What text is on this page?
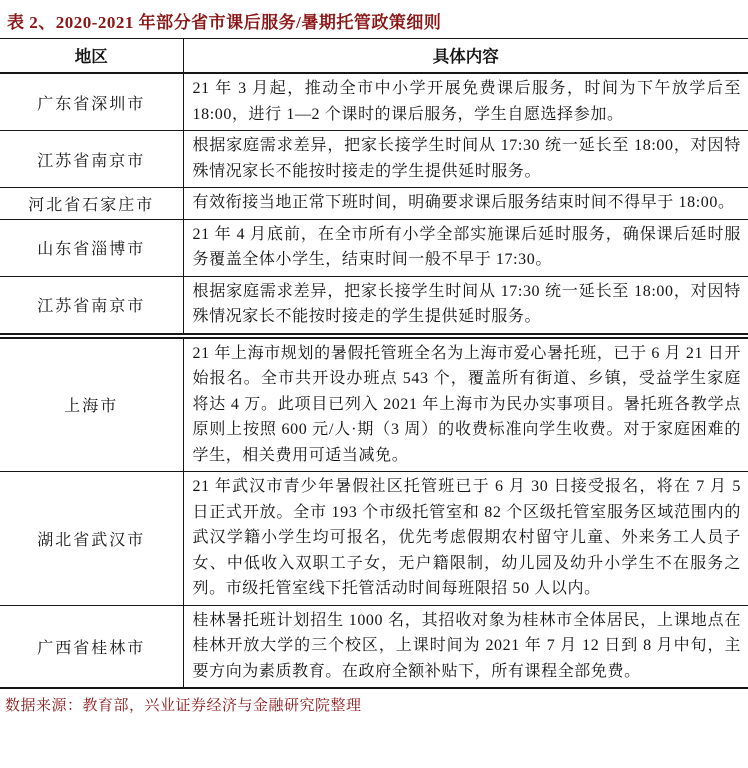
表 2、2020-2021 年部分省市课后服务/暑期托管政策细则
地区	具体内容
广东省深圳市	21 年 3 月起，推动全市中小学开展免费课后服务，时间为下午放学后至 18:00，进行 1—2 个课时的课后服务，学生自愿选择参加。
江苏省南京市	根据家庭需求差异，把家长接学生时间从 17:30 统一延长至 18:00，对因特殊情况家长不能按时接走的学生提供延时服务。
河北省石家庄市	有效衔接当地正常下班时间，明确要求课后服务结束时间不得早于 18:00。
山东省淄博市	21 年 4 月底前，在全市所有小学全部实施课后延时服务，确保课后延时服务覆盖全体小学生，结束时间一般不早于 17:30。
江苏省南京市	根据家庭需求差异，把家长接学生时间从 17:30 统一延长至 18:00，对因特殊情况家长不能按时接走的学生提供延时服务。
上海市	21 年上海市规划的暑假托管班全名为上海市爱心暑托班，已于 6 月 21 日开始报名。全市共开设办班点 543 个，覆盖所有街道、乡镇，受益学生家庭将达 4 万。此项目已列入 2021 年上海市为民办实事项目。暑托班各教学点原则上按照 600 元/人·期（3 周）的收费标准向学生收费。对于家庭困难的学生，相关费用可适当减免。
湖北省武汉市	21 年武汉市青少年暑假社区托管班已于 6 月 30 日接受报名，将在 7 月 5 日正式开放。全市 193 个市级托管室和 82 个区级托管室服务区域范围内的武汉学籍小学生均可报名，优先考虑假期农村留守儿童、外来务工人员子女、中低收入双职工子女，无户籍限制，幼儿园及幼升小学生不在服务之列。市级托管室线下托管活动时间每班限招 50 人以内。
广西省桂林市	桂林暑托班计划招生 1000 名，其招收对象为桂林市全体居民，上课地点在桂林开放大学的三个校区，上课时间为 2021 年 7 月 12 日到 8 月中旬，主要方向为素质教育。在政府全额补贴下，所有课程全部免费。
数据来源：教育部，兴业证券经济与金融研究院整理
